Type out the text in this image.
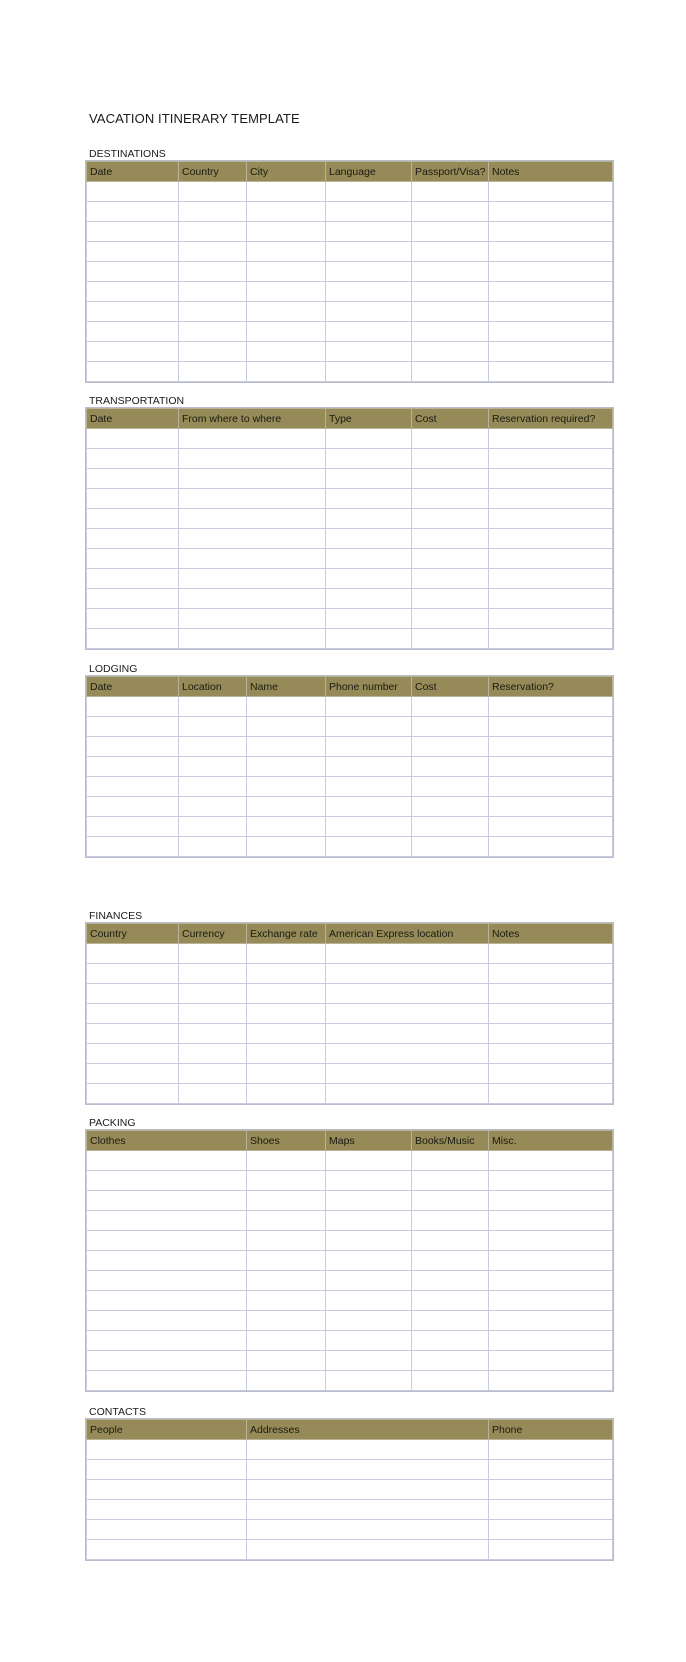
VACATION ITINERARY TEMPLATE
DESTINATIONS
Date	Country	City	Language	Passport/Visa?	Notes

TRANSPORTATION
Date	From where to where	Type	Cost	Reservation required?

LODGING
Date	Location	Name	Phone number	Cost	Reservation?

FINANCES
Country	Currency	Exchange rate	American Express location	Notes

PACKING
Clothes	Shoes	Maps	Books/Music	Misc.

CONTACTS
People	Addresses	Phone
